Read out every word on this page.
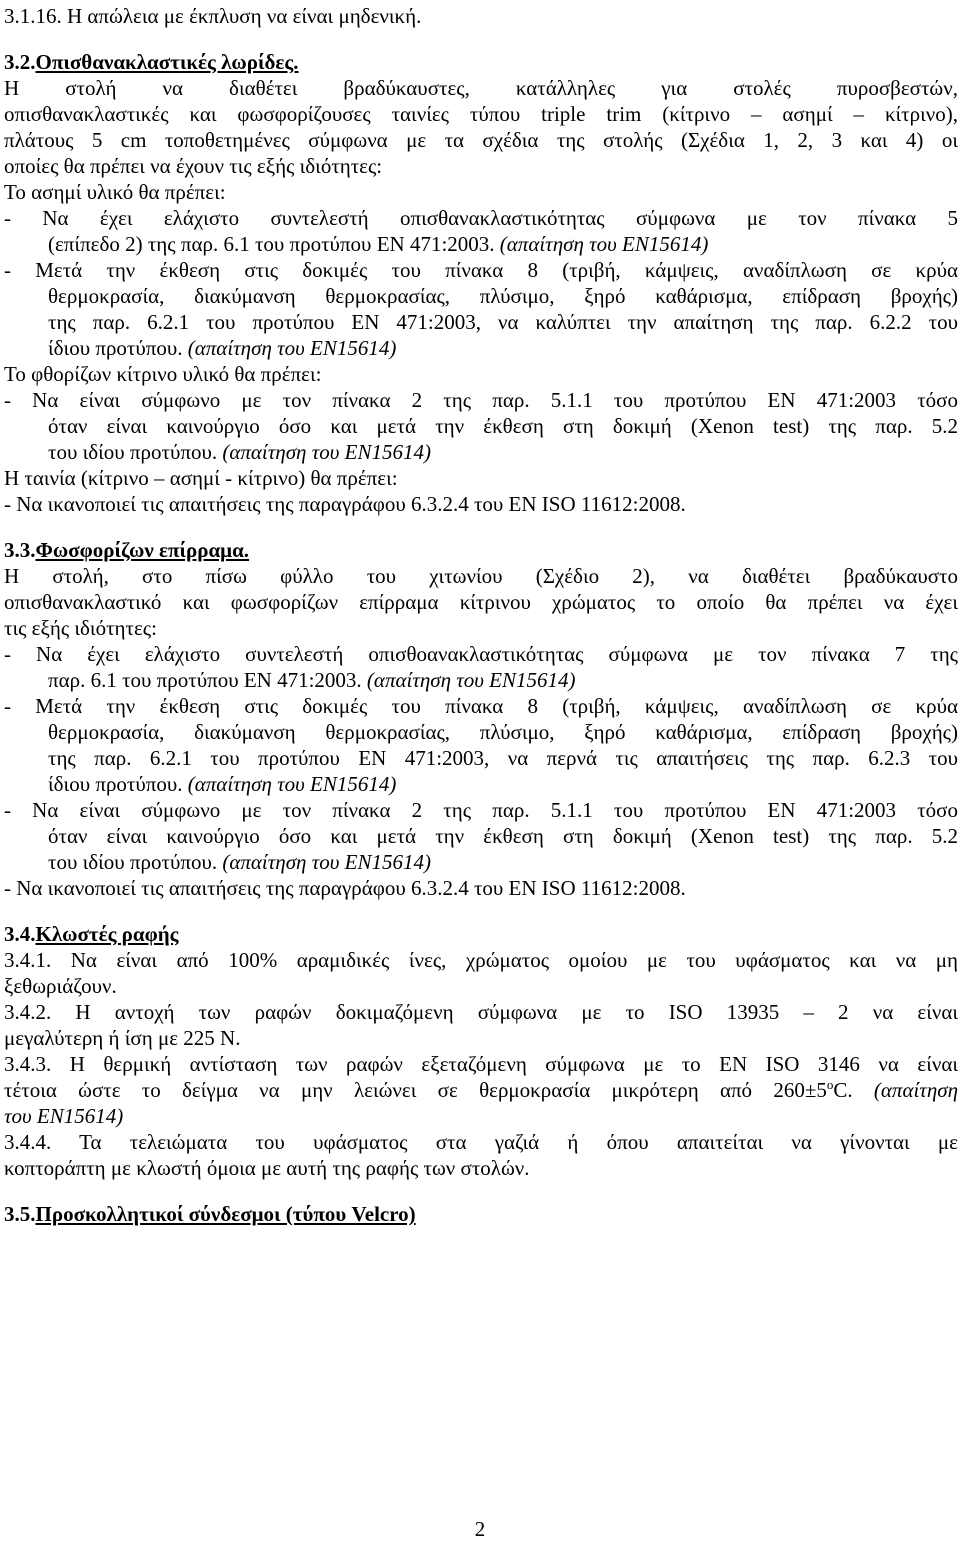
3.1.16. Η απώλεια με έκπλυση να είναι μηδενική.
3.2.Οπισθανακλαστικές λωρίδες.
Η στολή να διαθέτει βραδύκαυστες, κατάλληλες για στολές πυροσβεστών,
οπισθανακλαστικές και φωσφορίζουσες ταινίες τύπου triple trim (κίτρινο – ασημί – κίτρινο),
πλάτους 5 cm τοποθετημένες σύμφωνα με τα σχέδια της στολής (Σχέδια 1, 2, 3 και 4) οι
οποίες θα πρέπει να έχουν τις εξής ιδιότητες:
Το ασημί υλικό θα πρέπει:
- Να έχει ελάχιστο συντελεστή οπισθανακλαστικότητας σύμφωνα με τον πίνακα 5
(επίπεδο 2) της παρ. 6.1 του προτύπου ΕΝ 471:2003. (απαίτηση του ΕΝ15614)
- Μετά την έκθεση στις δοκιμές του πίνακα 8 (τριβή, κάμψεις, αναδίπλωση σε κρύα
θερμοκρασία, διακύμανση θερμοκρασίας, πλύσιμο, ξηρό καθάρισμα, επίδραση βροχής)
της παρ. 6.2.1 του προτύπου ΕΝ 471:2003, να καλύπτει την απαίτηση της παρ. 6.2.2 του
ίδιου προτύπου. (απαίτηση του ΕΝ15614)
Το φθορίζων κίτρινο υλικό θα πρέπει:
- Να είναι σύμφωνο με τον πίνακα 2 της παρ. 5.1.1 του προτύπου ΕΝ 471:2003 τόσο
όταν είναι καινούργιο όσο και μετά την έκθεση στη δοκιμή (Xenon test) της παρ. 5.2
του ιδίου προτύπου. (απαίτηση του ΕΝ15614)
Η ταινία (κίτρινο – ασημί - κίτρινο) θα πρέπει:
- Να ικανοποιεί τις απαιτήσεις της παραγράφου 6.3.2.4 του ΕΝ ISO 11612:2008.
3.3.Φωσφορίζων επίρραμα.
Η στολή, στο πίσω φύλλο του χιτωνίου (Σχέδιο 2), να διαθέτει βραδύκαυστο
οπισθανακλαστικό και φωσφορίζων επίρραμα κίτρινου χρώματος το οποίο θα πρέπει να έχει
τις εξής ιδιότητες:
- Να έχει ελάχιστο συντελεστή οπισθοανακλαστικότητας σύμφωνα με τον πίνακα 7 της
παρ. 6.1 του προτύπου ΕΝ 471:2003. (απαίτηση του ΕΝ15614)
- Μετά την έκθεση στις δοκιμές του πίνακα 8 (τριβή, κάμψεις, αναδίπλωση σε κρύα
θερμοκρασία, διακύμανση θερμοκρασίας, πλύσιμο, ξηρό καθάρισμα, επίδραση βροχής)
της παρ. 6.2.1 του προτύπου ΕΝ 471:2003, να περνά τις απαιτήσεις της παρ. 6.2.3 του
ίδιου προτύπου. (απαίτηση του ΕΝ15614)
- Να είναι σύμφωνο με τον πίνακα 2 της παρ. 5.1.1 του προτύπου ΕΝ 471:2003 τόσο
όταν είναι καινούργιο όσο και μετά την έκθεση στη δοκιμή (Xenon test) της παρ. 5.2
του ιδίου προτύπου. (απαίτηση του ΕΝ15614)
- Να ικανοποιεί τις απαιτήσεις της παραγράφου 6.3.2.4 του ΕΝ ISO 11612:2008.
3.4.Κλωστές ραφής
3.4.1. Να είναι από 100% αραμιδικές ίνες, χρώματος ομοίου με του υφάσματος και να μη
ξεθωριάζουν.
3.4.2. Η αντοχή των ραφών δοκιμαζόμενη σύμφωνα με το ISO 13935 – 2 να είναι
μεγαλύτερη ή ίση με 225 Ν.
3.4.3. Η θερμική αντίσταση των ραφών εξεταζόμενη σύμφωνα με το EN ISO 3146 να είναι
τέτοια ώστε το δείγμα να μην λειώνει σε θερμοκρασία μικρότερη από $260\pm 5^oC$. (απαίτηση
του ΕΝ15614)
3.4.4. Τα τελειώματα του υφάσματος στα γαζιά ή όπου απαιτείται να γίνονται με
κοπτοράπτη με κλωστή όμοια με αυτή της ραφής των στολών.
3.5.Προσκολλητικοί σύνδεσμοι (τύπου Velcro)
2
